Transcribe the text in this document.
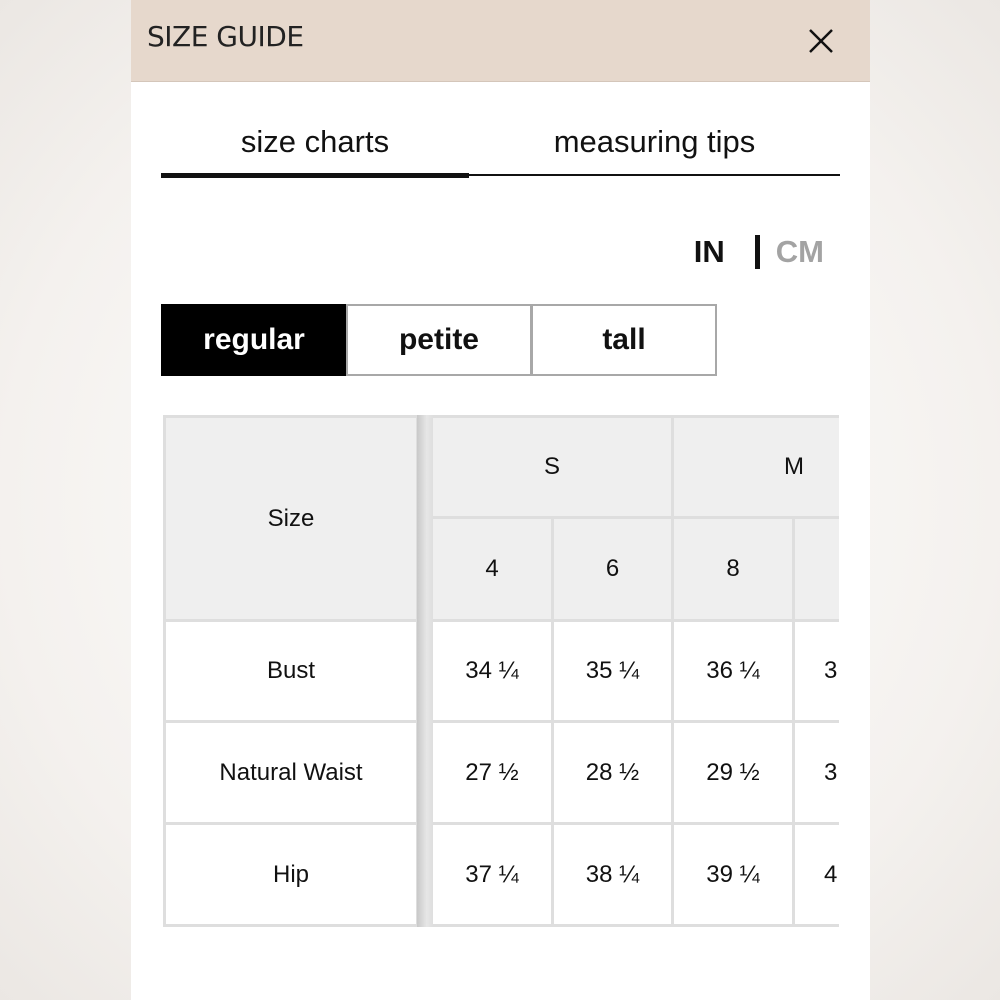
SIZE GUIDE
size charts	measuring tips
IN CM
regular	petite	tall
Size
S	M
4	6	8
Bust	34 ¼	35 ¼	36 ¼	3
Natural Waist	27 ½	28 ½	29 ½	3
Hip	37 ¼	38 ¼	39 ¼	4
